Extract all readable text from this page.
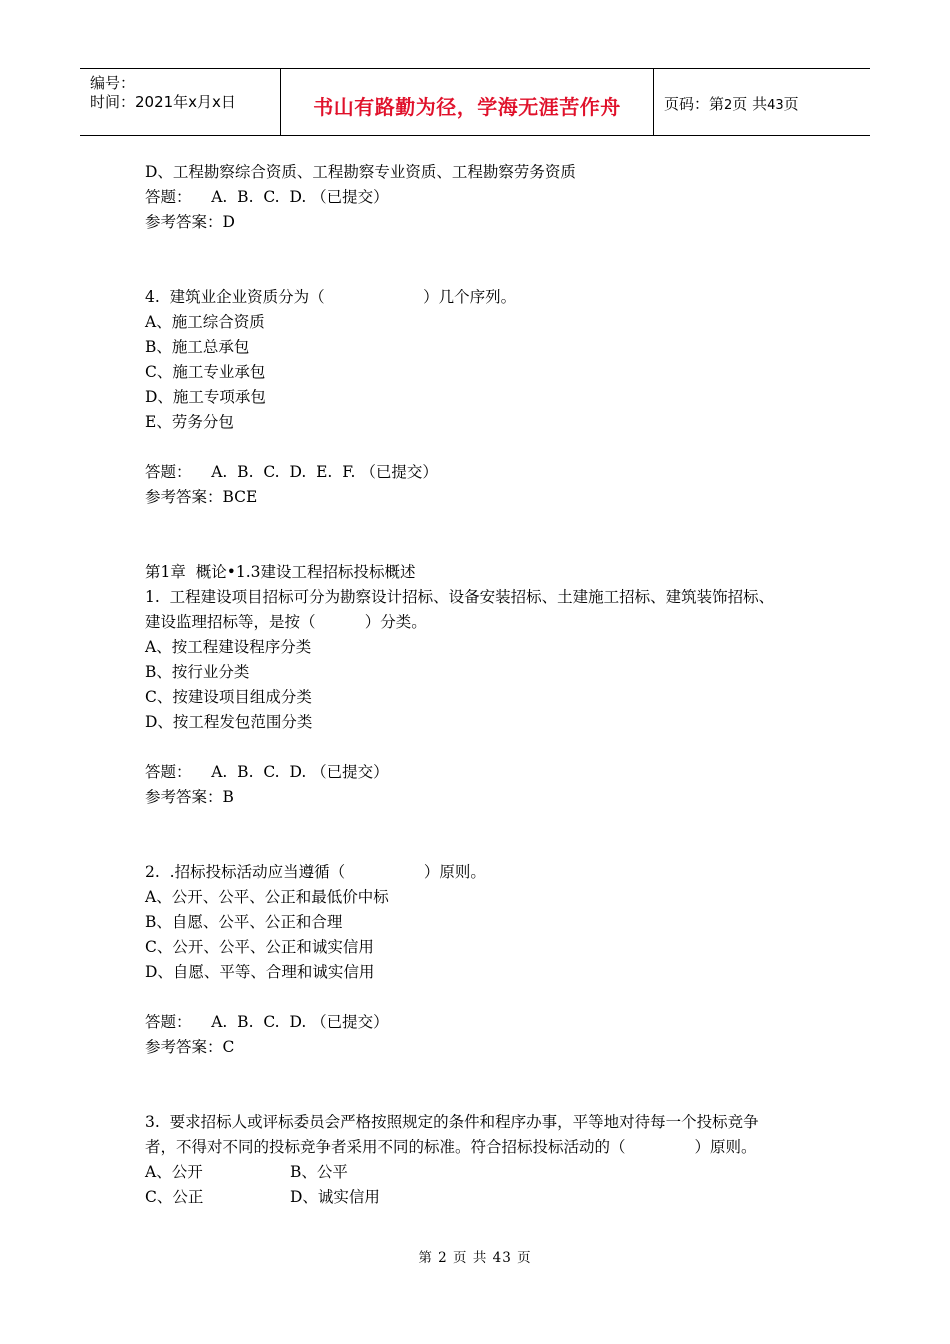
编号：
时间：2021年x月x日	书山有路勤为径，学海无涯苦作舟	页码：第2页 共43页
D、工程勘察综合资质、工程勘察专业资质、工程勘察劳务资质
答题：    A.  B.  C.  D. （已提交）
参考答案：D
4.  建筑业企业资质分为（                    ）几个序列。
A、施工综合资质
B、施工总承包
C、施工专业承包
D、施工专项承包
E、劳务分包
答题：    A.  B.  C.  D.  E.  F. （已提交）
参考答案：BCE
第1章  概论•1.3建设工程招标投标概述
1.  工程建设项目招标可分为勘察设计招标、设备安装招标、土建施工招标、建筑装饰招标、
建设监理招标等，是按（          ）分类。
A、按工程建设程序分类
B、按行业分类
C、按建设项目组成分类
D、按工程发包范围分类
答题：    A.  B.  C.  D. （已提交）
参考答案：B
2.  .招标投标活动应当遵循（                ）原则。
A、公开、公平、公正和最低价中标
B、自愿、公平、公正和合理
C、公开、公平、公正和诚实信用
D、自愿、平等、合理和诚实信用
答题：    A.  B.  C.  D. （已提交）
参考答案：C
3.  要求招标人或评标委员会严格按照规定的条件和程序办事，平等地对待每一个投标竞争
者，不得对不同的投标竞争者采用不同的标准。符合招标投标活动的（              ）原则。
A、公开	B、公平
C、公正	D、诚实信用
第 2 页 共 43 页
